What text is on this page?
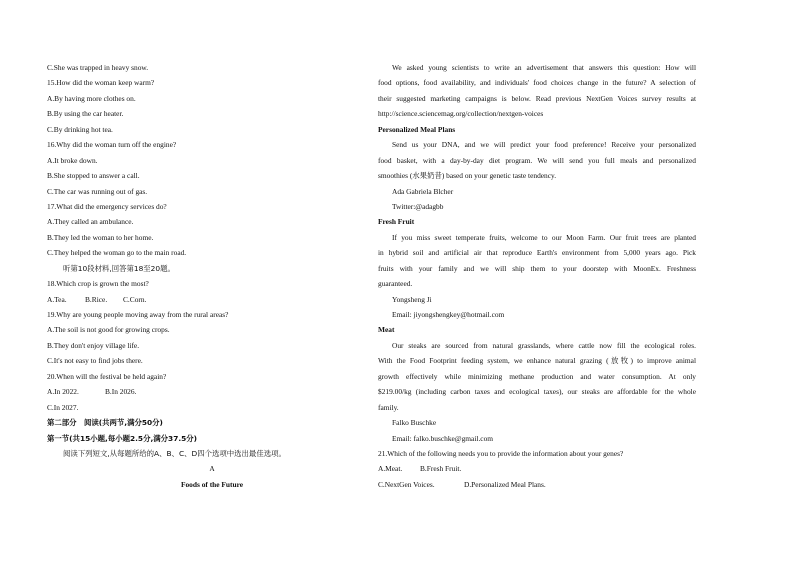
C.She was trapped in heavy snow.
15.How did the woman keep warm?
A.By having more clothes on.
B.By using the car heater.
C.By drinking hot tea.
16.Why did the woman turn off the engine?
A.It broke down.
B.She stopped to answer a call.
C.The car was running out of gas.
17.What did the emergency services do?
A.They called an ambulance.
B.They led the woman to her home.
C.They helped the woman go to the main road.
听第10段材料,回答第18至20题。
18.Which crop is grown the most?
A.Tea. B.Rice. C.Corn.
19.Why are young people moving away from the rural areas?
A.The soil is not good for growing crops.
B.They don't enjoy village life.
C.It's not easy to find jobs there.
20.When will the festival be held again?
A.In 2022.	B.In 2026.
C.In 2027.
第二部分　阅读(共两节,满分50分)
第一节(共15小题,每小题2.5分,满分37.5分)
阅读下列短文,从每题所给的A、B、C、D四个选项中选出最佳选项。
A
Foods of the Future
We asked young scientists to write an advertisement that answers this question: How will
food options, food availability, and individuals' food choices change in the future? A selection of
their suggested marketing campaigns is below. Read previous NextGen Voices survey results at
http://science.sciencemag.org/collection/nextgen-voices
Personalized Meal Plans
Send us your DNA, and we will predict your food preference! Receive your personalized
food basket, with a day-by-day diet program. We will send you full meals and personalized
smoothies (水果奶昔) based on your genetic taste tendency.
Ada Gabriela Blcher
Twitter:@adagbb
Fresh Fruit
If you miss sweet temperate fruits, welcome to our Moon Farm. Our fruit trees are planted
in hybrid soil and artificial air that reproduce Earth's environment from 5,000 years ago. Pick
fruits with your family and we will ship them to your doorstep with MoonEx. Freshness
guaranteed.
Yongsheng Ji
Email: jiyongshengkey@hotmail.com
Meat
Our steaks are sourced from natural grasslands, where cattle now fill the ecological roles.
With the Food Footprint feeding system, we enhance natural grazing (放牧) to improve animal
growth effectively while minimizing methane production and water consumption. At only
$219.00/kg (including carbon taxes and ecological taxes), our steaks are affordable for the whole
family.
Falko Buschke
Email: falko.buschke@gmail.com
21.Which of the following needs you to provide the information about your genes?
A.Meat. B.Fresh Fruit.
C.NextGen Voices.	D.Personalized Meal Plans.
